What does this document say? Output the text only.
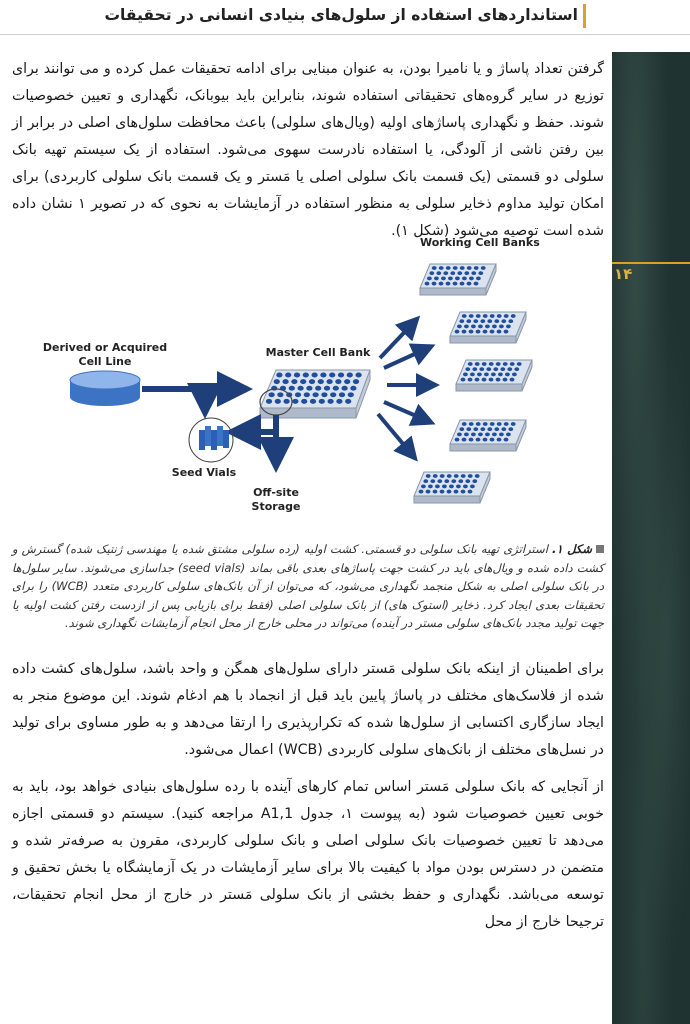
استانداردهای استفاده از سلول‌های بنیادی انسانی در تحقیقات
۱۴

گرفتن تعداد پاساژ و یا نامیرا بودن، به عنوان مبنایی برای ادامه تحقیقات عمل کرده و می توانند برای توزیع در سایر گروه‌های تحقیقاتی استفاده شوند، بنابراین باید بیوبانک، نگهداری و تعیین خصوصیات شوند. حفظ و نگهداری پاساژهای اولیه (ویال‌های سلولی) باعث محافظت سلول‌های اصلی در برابر از بین رفتن ناشی از آلودگی، یا استفاده نادرست سهوی می‌شود. استفاده از یک سیستم تهیه بانک سلولی دو قسمتی (یک قسمت بانک سلولی اصلی یا مَستر و یک قسمت بانک سلولی کاربردی) برای امکان تولید مداوم ذخایر سلولی به منظور استفاده در آزمایشات به نحوی که در تصویر ۱ نشان داده شده است توصیه می‌شود (شکل ۱).

Working Cell Banks
Derived or Acquired
Cell Line
Master Cell Bank
Seed Vials
Off-site
Storage

شکل ۱. استراتژی تهیه بانک سلولی دو قسمتی. کشت اولیه (رده سلولی مشتق شده یا مهندسی ژنتیک شده) گسترش و کشت داده شده و ویال‌های باید در کشت جهت پاساژهای بعدی باقی بماند (seed vials) جداسازی می‌شوند. سایر سلول‌ها در بانک سلولی اصلی به شکل منجمد نگهداری می‌شود، که می‌توان از آن بانک‌های سلولی کاربردی متعدد (WCB) را برای تحقیقات بعدی ایجاد کرد. ذخایر (استوک های) از بانک سلولی اصلی (فقط برای بازیابی پس از ازدست رفتن کشت اولیه یا جهت تولید مجدد بانک‌های سلولی مستر در آینده) می‌تواند در محلی خارج از محل انجام آزمایشات نگهداری شوند.

برای اطمینان از اینکه بانک سلولی مَستر دارای سلول‌های همگن و واحد باشد، سلول‌های کشت داده شده از فلاسک‌های مختلف در پاساژ پایین باید قبل از انجماد با هم ادغام شوند. این موضوع منجر به ایجاد سازگاری اکتسابی از سلول‌ها شده که تکرارپذیری را ارتقا می‌دهد و به طور مساوی برای تولید در نسل‌های مختلف از بانک‌های سلولی کاربردی (WCB) اعمال می‌شود.

از آنجایی که بانک سلولی مَستر اساس تمام کارهای آینده با رده سلول‌های بنیادی خواهد بود، باید به خوبی تعیین خصوصیات شود (به پیوست ۱، جدول A1,1 مراجعه کنید). سیستم دو قسمتی اجازه می‌دهد تا تعیین خصوصیات بانک سلولی اصلی و بانک سلولی کاربردی، مقرون به صرفه‌تر شده و متضمن در دسترس بودن مواد با کیفیت بالا برای سایر آزمایشات در یک آزمایشگاه یا بخش تحقیق و توسعه می‌باشد. نگهداری و حفظ بخشی از بانک سلولی مَستر در خارج از محل انجام تحقیقات، ترجیحا خارج از محل
